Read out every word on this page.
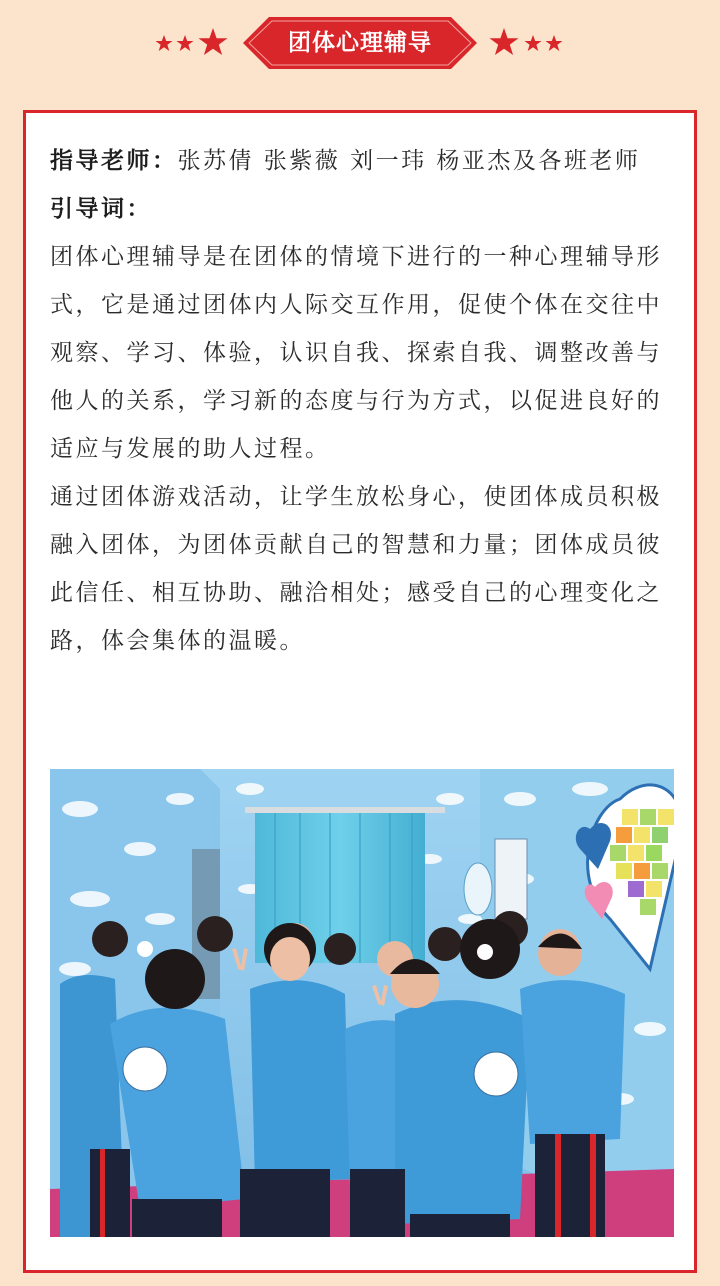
团体心理辅导

指导老师：张苏倩 张紫薇 刘一玮 杨亚杰及各班老师

引导词：

团体心理辅导是在团体的情境下进行的一种心理辅导形式，它是通过团体内人际交互作用，促使个体在交往中观察、学习、体验，认识自我、探索自我、调整改善与他人的关系，学习新的态度与行为方式，以促进良好的适应与发展的助人过程。

通过团体游戏活动，让学生放松身心，使团体成员积极融入团体，为团体贡献自己的智慧和力量；团体成员彼此信任、相互协助、融洽相处；感受自己的心理变化之路，体会集体的温暖。
